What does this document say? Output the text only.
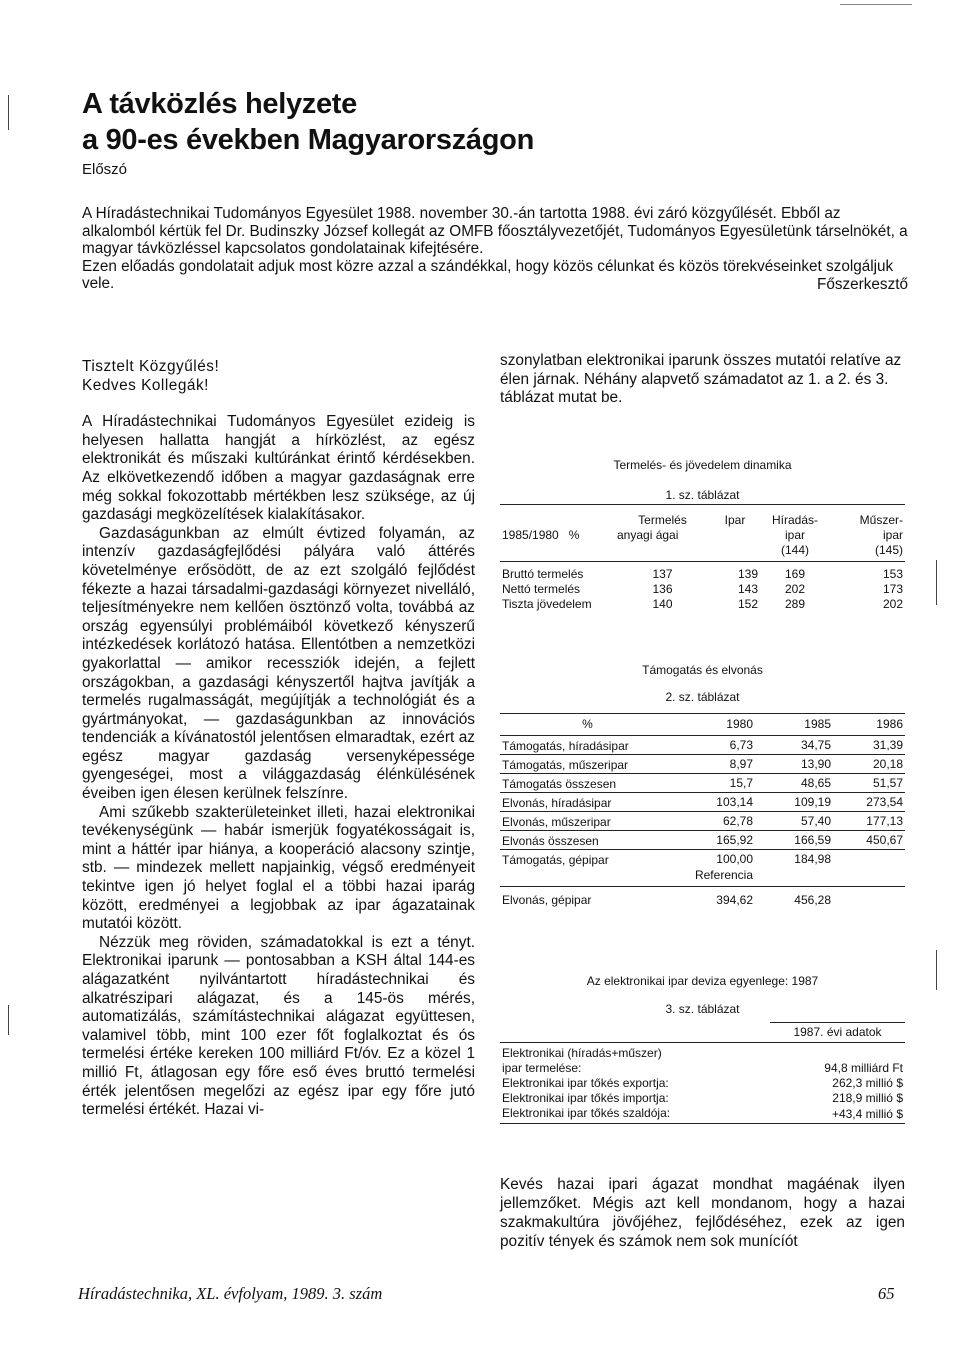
A távközlés helyzete
a 90-es években Magyarországon
Előszó

A Híradástechnikai Tudományos Egyesület 1988. november 30.-án tartotta 1988. évi záró közgyűlését. Ebből az alkalomból kértük fel Dr. Budinszky József kollegát az OMFB főosztályvezetőjét, Tudományos Egyesületünk társelnökét, a magyar távközléssel kapcsolatos gondolatainak kifejtésére.

Ezen előadás gondolatait adjuk most közre azzal a szándékkal, hogy közös célunkat és közös törekvéseinket szolgáljuk vele.	Főszerkesztő

Tisztelt Közgyűlés!

Kedves Kollegák!

A Híradástechnikai Tudományos Egyesület ezideig is helyesen hallatta hangját a hírközlést, az egész elektronikát és műszaki kultúránkat érintő kérdésekben. Az elkövetkezendő időben a magyar gazdaságnak erre még sokkal fokozottabb mértékben lesz szüksége, az új gazdasági megközelítések kialakításakor.

Gazdaságunkban az elmúlt évtized folyamán, az intenzív gazdaságfejlődési pályára való áttérés követelménye erősödött, de az ezt szolgáló fejlődést fékezte a hazai társadalmi-gazdasági környezet nivelláló, teljesítményekre nem kellően ösztönző volta, továbbá az ország egyensúlyi problémáiból következő kényszerű intézkedések korlátozó hatása. Ellentótben a nemzetközi gyakorlattal — amikor recessziók idején, a fejlett országokban, a gazdasági kényszertől hajtva javítják a termelés rugalmasságát, megújítják a technológiát és a gyártmányokat, — gazdaságunkban az innovációs tendenciák a kívánatostól jelentősen elmaradtak, ezért az egész magyar gazdaság versenyképessége gyengeségei, most a világgazdaság élénkülésének éveiben igen élesen kerülnek felszínre.

Ami szűkebb szakterületeinket illeti, hazai elektronikai tevékenységünk — habár ismerjük fogyatékosságait is, mint a háttér ipar hiánya, a kooperáció alacsony szintje, stb. — mindezek mellett napjainkig, végső eredményeit tekintve igen jó helyet foglal el a többi hazai iparág között, eredményei a legjobbak az ipar ágazatainak mutatói között.

Nézzük meg röviden, számadatokkal is ezt a tényt. Elektronikai iparunk — pontosabban a KSH által 144-es alágazatként nyilvántartott híradástechnikai és alkatrészipari alágazat, és a 145-ös mérés, automatizálás, számítástechnikai alágazat együttesen, valamivel több, mint 100 ezer főt foglalkoztat és ós termelési értéke kereken 100 milliárd Ft/óv. Ez a közel 1 millió Ft, átlagosan egy főre eső éves bruttó termelési érték jelentősen megelőzi az egész ipar egy főre jutó termelési értékét. Hazai vi-

szonylatban elektronikai iparunk összes mutatói relatíve az élen járnak. Néhány alapvető számadatot az 1. a 2. és 3. táblázat mutat be.

Termelés- és jövedelem dinamika
1. sz. táblázat
	Termelés	Ipar	Híradás-	Műszer-
1985/1980 %	anyagi ágai		ipar	ipar
			(144)	(145)
Bruttó termelés	137	139	169	153
Nettó termelés	136	143	202	173
Tiszta jövedelem	140	152	289	202
Támogatás és elvonás
2. sz. táblázat
%	1980	1985	1986
Támogatás, híradásipar	6,73	34,75	31,39
Támogatás, műszeripar	8,97	13,90	20,18
Támogatás összesen	15,7	48,65	51,57
Elvonás, híradásipar	103,14	109,19	273,54
Elvonás, műszeripar	62,78	57,40	177,13
Elvonás összesen	165,92	166,59	450,67
Támogatás, gépipar	100,00	184,98	
	Referencia		
Elvonás, gépipar	394,62	456,28	
Az elektronikai ipar deviza egyenlege: 1987
3. sz. táblázat
	1987. évi adatok
Elektronikai (híradás+műszer)	
ipar termelése:	94,8 milliárd Ft
Elektronikai ipar tőkés exportja:	262,3 millió $
Elektronikai ipar tőkés importja:	218,9 millió $
Elektronikai ipar tőkés szaldója:	+43,4 millió $

Kevés hazai ipari ágazat mondhat magáénak ilyen jellemzőket. Mégis azt kell mondanom, hogy a hazai szakmakultúra jövőjéhez, fejlődéséhez, ezek az igen pozitív tények és számok nem sok munícíót

Híradástechnika, XL. évfolyam, 1989. 3. szám	65
